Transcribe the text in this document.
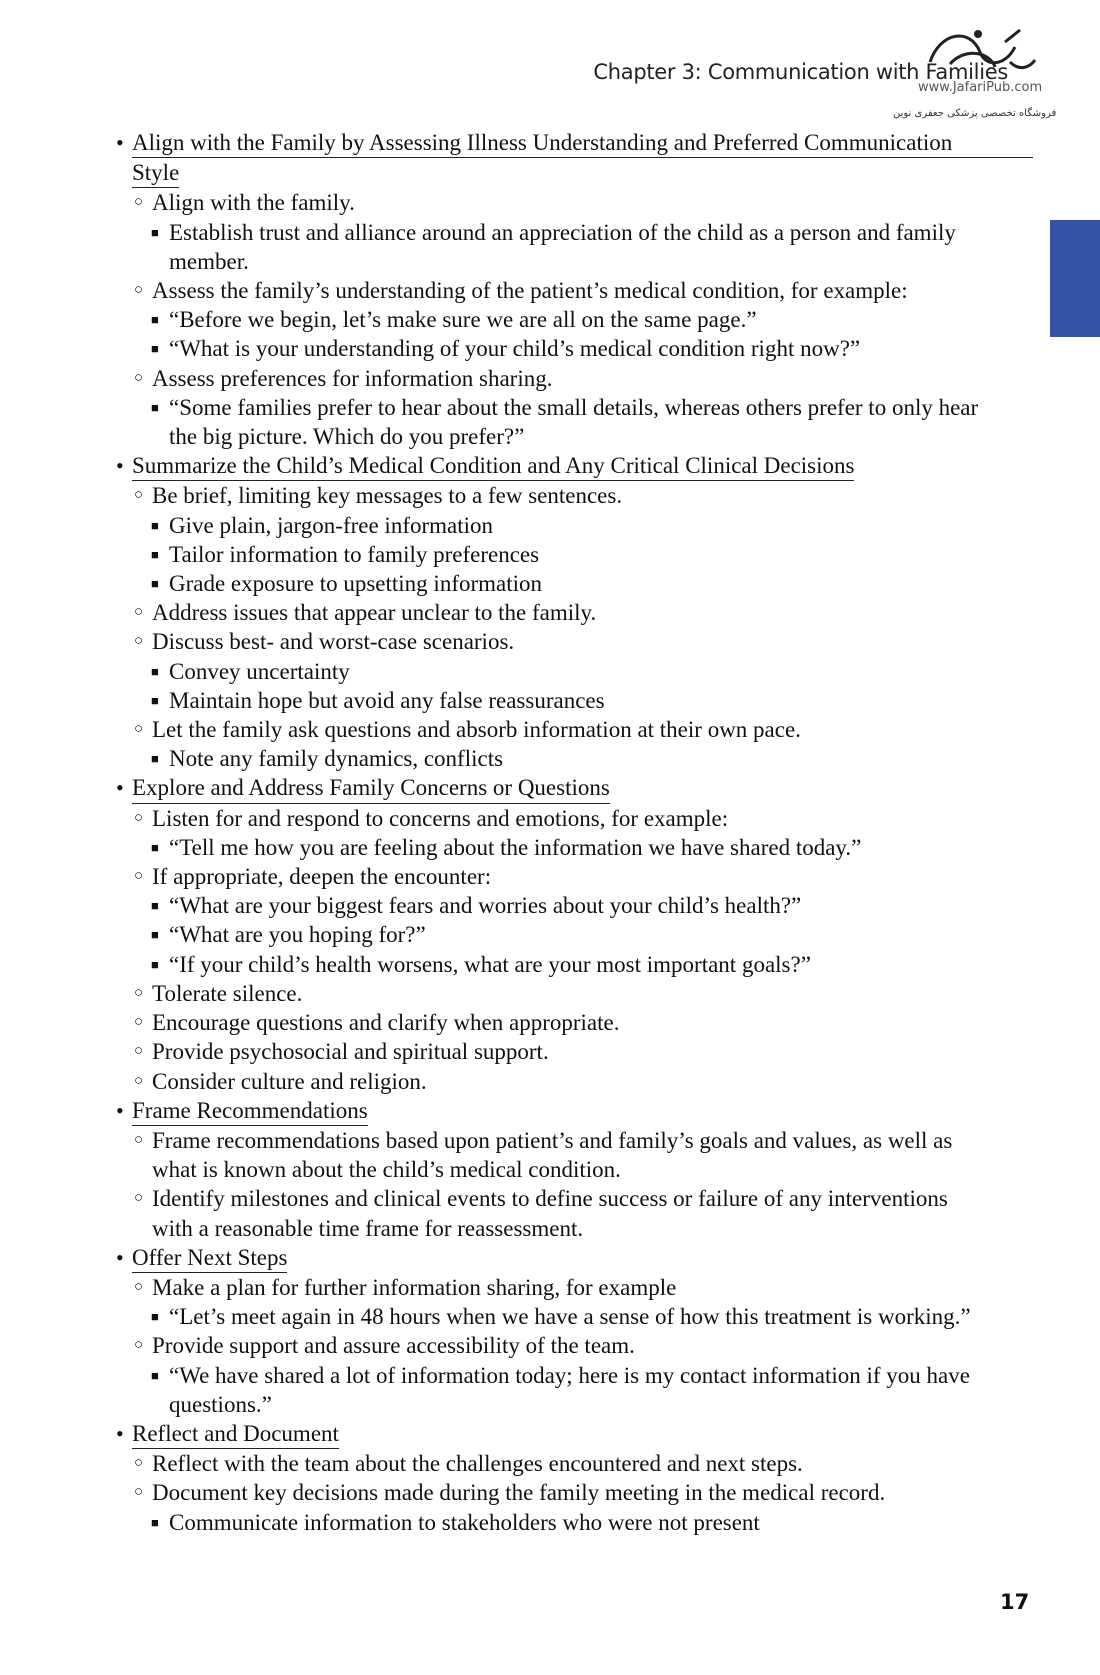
Chapter 3: Communication with Families
www.JafariPub.com
فروشگاه تخصصی پزشکی جعفری نوین
• Align with the Family by Assessing Illness Understanding and Preferred Communication
Style
○ Align with the family.
■ Establish trust and alliance around an appreciation of the child as a person and family
member.
○ Assess the family’s understanding of the patient’s medical condition, for example:
■ “Before we begin, let’s make sure we are all on the same page.”
■ “What is your understanding of your child’s medical condition right now?”
○ Assess preferences for information sharing.
■ “Some families prefer to hear about the small details, whereas others prefer to only hear
the big picture. Which do you prefer?”
• Summarize the Child’s Medical Condition and Any Critical Clinical Decisions
○ Be brief, limiting key messages to a few sentences.
■ Give plain, jargon-free information
■ Tailor information to family preferences
■ Grade exposure to upsetting information
○ Address issues that appear unclear to the family.
○ Discuss best- and worst-case scenarios.
■ Convey uncertainty
■ Maintain hope but avoid any false reassurances
○ Let the family ask questions and absorb information at their own pace.
■ Note any family dynamics, conflicts
• Explore and Address Family Concerns or Questions
○ Listen for and respond to concerns and emotions, for example:
■ “Tell me how you are feeling about the information we have shared today.”
○ If appropriate, deepen the encounter:
■ “What are your biggest fears and worries about your child’s health?”
■ “What are you hoping for?”
■ “If your child’s health worsens, what are your most important goals?”
○ Tolerate silence.
○ Encourage questions and clarify when appropriate.
○ Provide psychosocial and spiritual support.
○ Consider culture and religion.
• Frame Recommendations
○ Frame recommendations based upon patient’s and family’s goals and values, as well as
what is known about the child’s medical condition.
○ Identify milestones and clinical events to define success or failure of any interventions
with a reasonable time frame for reassessment.
• Offer Next Steps
○ Make a plan for further information sharing, for example
■ “Let’s meet again in 48 hours when we have a sense of how this treatment is working.”
○ Provide support and assure accessibility of the team.
■ “We have shared a lot of information today; here is my contact information if you have
questions.”
• Reflect and Document
○ Reflect with the team about the challenges encountered and next steps.
○ Document key decisions made during the family meeting in the medical record.
■ Communicate information to stakeholders who were not present
17
